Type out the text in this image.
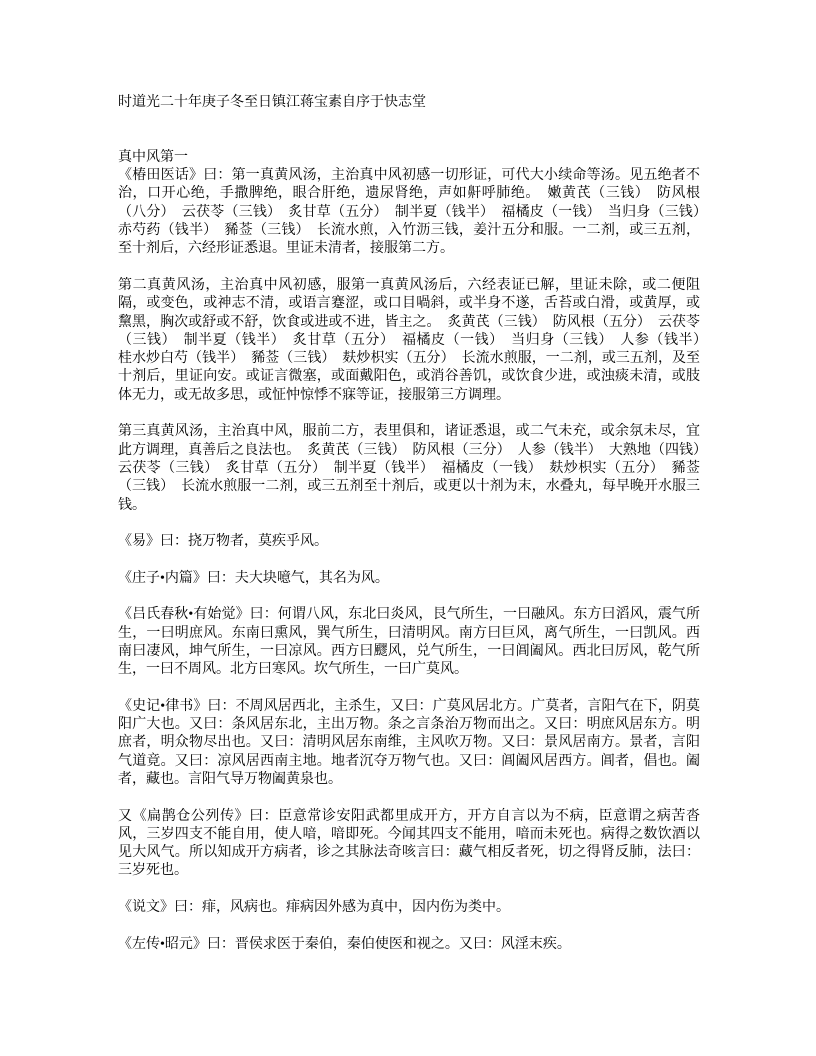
时道光二十年庚子冬至日镇江蒋宝素自序于快志堂

真中风第一

《椿田医话》曰：第一真黄风汤，主治真中风初感一切形证，可代大小续命等汤。见五绝者不治，口开心绝，手撒脾绝，眼合肝绝，遗尿肾绝，声如鼾呼肺绝。　嫩黄芪（三钱）　防风根（八分）　云茯苓（三钱）　炙甘草（五分）　制半夏（钱半）　福橘皮（一钱）　当归身（三钱）　赤芍药（钱半）　豨莶（三钱）　长流水煎，入竹沥三钱，姜汁五分和服。一二剂，或三五剂，至十剂后，六经形证悉退。里证未清者，接服第二方。

第二真黄风汤，主治真中风初感，服第一真黄风汤后，六经表证已解，里证未除，或二便阻隔，或变色，或神志不清，或语言蹇涩，或口目喎斜，或半身不遂，舌苔或白滑，或黄厚，或黧黑，胸次或舒或不舒，饮食或进或不进，皆主之。　炙黄芪（三钱）　防风根（五分）　云茯苓（三钱）　制半夏（钱半）　炙甘草（五分）　福橘皮（一钱）　当归身（三钱）　人参（钱半）　桂水炒白芍（钱半）　豨莶（三钱）　麸炒枳实（五分）　长流水煎服，一二剂，或三五剂，及至十剂后，里证向安。或证言微塞，或面戴阳色，或消谷善饥，或饮食少进，或浊痰未清，或肢体无力，或无故多思，或怔忡惊悸不寐等证，接服第三方调理。

第三真黄风汤，主治真中风，服前二方，表里俱和，诸证悉退，或二气未充，或余氛未尽，宜此方调理，真善后之良法也。　炙黄芪（三钱）　防风根（三分）　人参（钱半）　大熟地（四钱）　云茯苓（三钱）　炙甘草（五分）　制半夏（钱半）　福橘皮（一钱）　麸炒枳实（五分）　豨莶（三钱）　长流水煎服一二剂，或三五剂至十剂后，或更以十剂为末，水叠丸，每早晚开水服三钱。

《易》曰：挠万物者，莫疾乎风。

《庄子•内篇》曰：夫大块噫气，其名为风。

《吕氏春秋•有始觉》曰：何谓八风，东北曰炎风，艮气所生，一曰融风。东方曰滔风，震气所生，一曰明庶风。东南曰熏风，巽气所生，曰清明风。南方曰巨风，离气所生，一曰凯风。西南曰凄风，坤气所生，一曰凉风。西方曰飂风，兑气所生，一曰阊阖风。西北曰厉风，乾气所生，一曰不周风。北方曰寒风。坎气所生，一曰广莫风。

《史记•律书》曰：不周风居西北，主杀生，又曰：广莫风居北方。广莫者，言阳气在下，阴莫阳广大也。又曰：条风居东北，主出万物。条之言条治万物而出之。又曰：明庶风居东方。明庶者，明众物尽出也。又曰：清明风居东南维，主风吹万物。又曰：景风居南方。景者，言阳气道竟。又曰：凉风居西南主地。地者沉夺万物气也。又曰：阊阖风居西方。阊者，倡也。阖者，藏也。言阳气导万物阖黄泉也。

又《扁鹊仓公列传》曰：臣意常诊安阳武都里成开方，开方自言以为不病，臣意谓之病苦沓风，三岁四支不能自用，使人喑，喑即死。今闻其四支不能用，喑而未死也。病得之数饮酒以见大风气。所以知成开方病者，诊之其脉法奇咳言曰：藏气相反者死，切之得肾反肺，法曰：三岁死也。

《说文》曰：痱，风病也。痱病因外感为真中，因内伤为类中。

《左传•昭元》曰：晋侯求医于秦伯，秦伯使医和视之。又曰：风淫末疾。
